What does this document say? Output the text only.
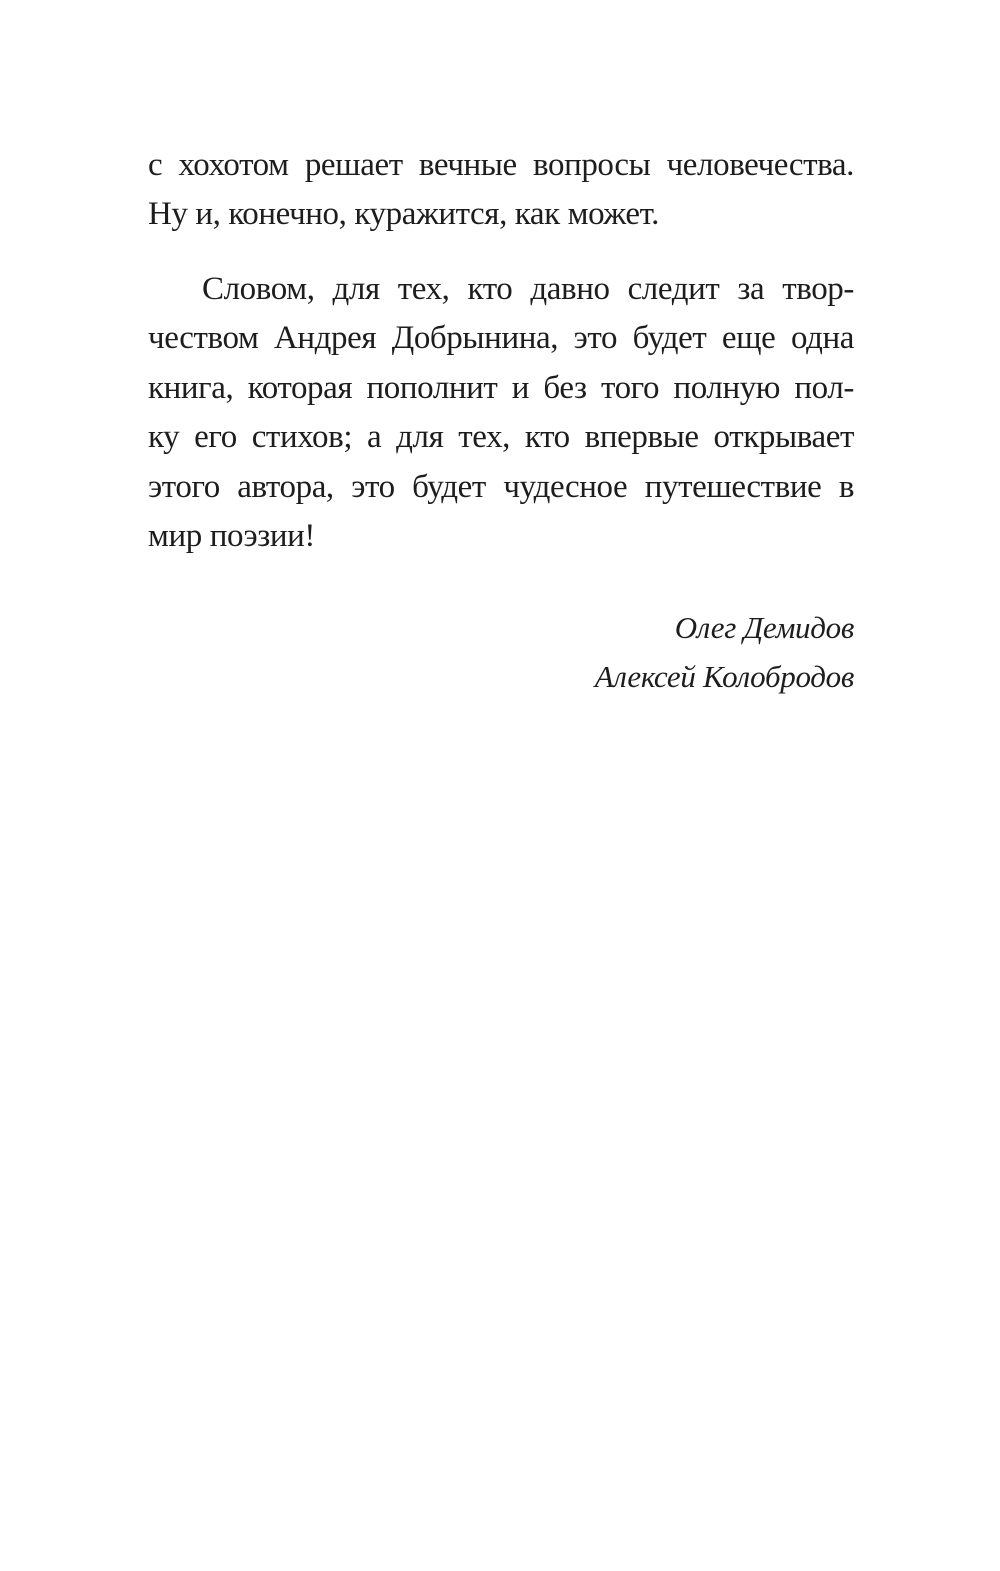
с хохотом решает вечные вопросы человечества.
Ну и, конечно, куражится, как может.
Словом, для тех, кто давно следит за твор-
чеством Андрея Добрынина, это будет еще одна
книга, которая пополнит и без того полную пол-
ку его стихов; а для тех, кто впервые открывает
этого автора, это будет чудесное путешествие в
мир поэзии!
Олег Демидов
Алексей Колобродов
